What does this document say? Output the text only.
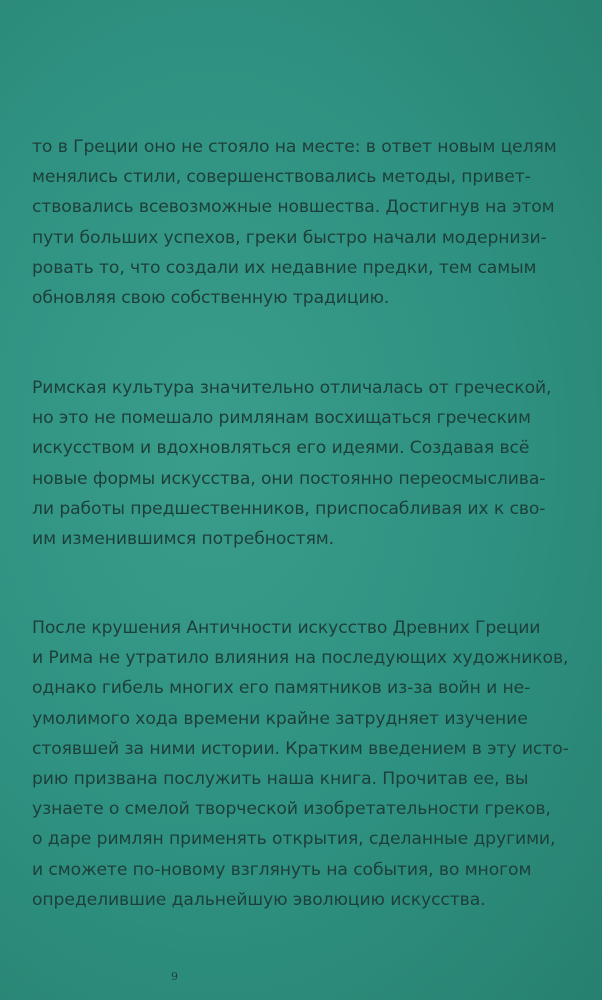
то в Греции оно не стояло на месте: в ответ новым целям
менялись стили, совершенствовались методы, привет-
ствовались всевозможные новшества. Достигнув на этом
пути больших успехов, греки быстро начали модернизи-
ровать то, что создали их недавние предки, тем самым
обновляя свою собственную традицию.
Римская культура значительно отличалась от греческой,
но это не помешало римлянам восхищаться греческим
искусством и вдохновляться его идеями. Создавая всё
новые формы искусства, они постоянно переосмыслива-
ли работы предшественников, приспосабливая их к сво-
им изменившимся потребностям.
После крушения Античности искусство Древних Греции
и Рима не утратило влияния на последующих художников,
однако гибель многих его памятников из-за войн и не-
умолимого хода времени крайне затрудняет изучение
стоявшей за ними истории. Кратким введением в эту исто-
рию призвана послужить наша книга. Прочитав ее, вы
узнаете о смелой творческой изобретательности греков,
о даре римлян применять открытия, сделанные другими,
и сможете по-новому взглянуть на события, во многом
определившие дальнейшую эволюцию искусства.
9
